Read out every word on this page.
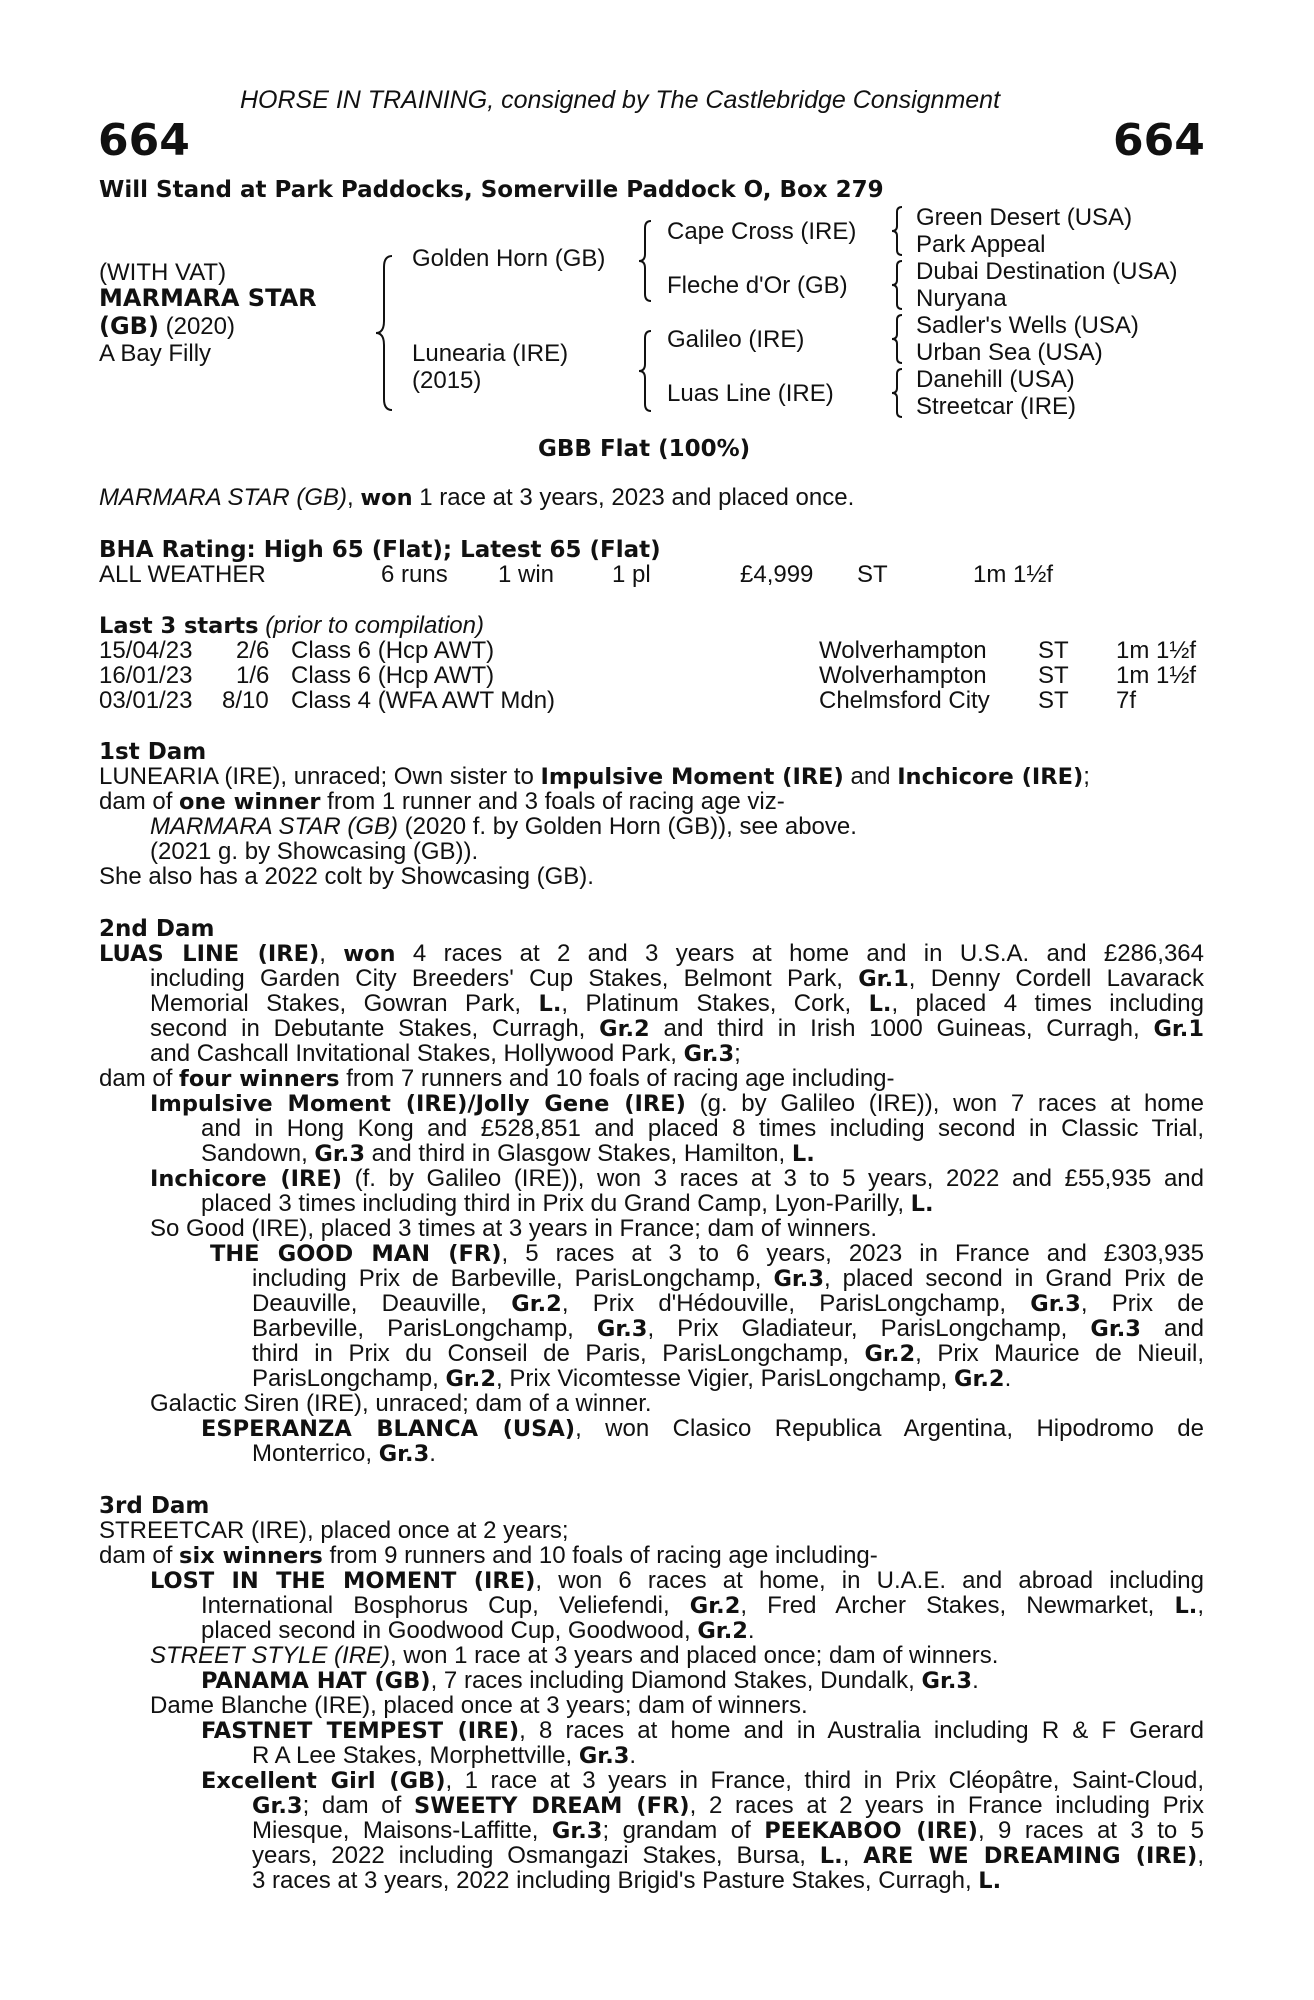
HORSE IN TRAINING, consigned by The Castlebridge Consignment
664	664
Will Stand at Park Paddocks, Somerville Paddock O, Box 279
(WITH VAT)
MARMARA STAR
(GB) (2020)
A Bay Filly
Golden Horn (GB)
Lunearia (IRE)
(2015)
Cape Cross (IRE)
Fleche d'Or (GB)
Galileo (IRE)
Luas Line (IRE)
Green Desert (USA)
Park Appeal
Dubai Destination (USA)
Nuryana
Sadler's Wells (USA)
Urban Sea (USA)
Danehill (USA)
Streetcar (IRE)
GBB Flat (100%)
MARMARA STAR (GB), won 1 race at 3 years, 2023 and placed once.
BHA Rating: High 65 (Flat); Latest 65 (Flat)
ALL WEATHER	6 runs 1 win 1 pl	£4,999 ST	1m 1½f
Last 3 starts (prior to compilation)
15/04/23 2/6 Class 6 (Hcp AWT)	Wolverhampton ST 1m 1½f
16/01/23 1/6 Class 6 (Hcp AWT)	Wolverhampton ST 1m 1½f
03/01/23 8/10 Class 4 (WFA AWT Mdn)	Chelmsford City ST 7f
1st Dam
LUNEARIA (IRE), unraced; Own sister to Impulsive Moment (IRE) and Inchicore (IRE);
dam of one winner from 1 runner and 3 foals of racing age viz-
MARMARA STAR (GB) (2020 f. by Golden Horn (GB)), see above.
(2021 g. by Showcasing (GB)).
She also has a 2022 colt by Showcasing (GB).
2nd Dam
LUAS LINE (IRE), won 4 races at 2 and 3 years at home and in U.S.A. and £286,364
including Garden City Breeders' Cup Stakes, Belmont Park, Gr.1, Denny Cordell Lavarack
Memorial Stakes, Gowran Park, L., Platinum Stakes, Cork, L., placed 4 times including
second in Debutante Stakes, Curragh, Gr.2 and third in Irish 1000 Guineas, Curragh, Gr.1
and Cashcall Invitational Stakes, Hollywood Park, Gr.3;
dam of four winners from 7 runners and 10 foals of racing age including-
Impulsive Moment (IRE)/Jolly Gene (IRE) (g. by Galileo (IRE)), won 7 races at home
and in Hong Kong and £528,851 and placed 8 times including second in Classic Trial,
Sandown, Gr.3 and third in Glasgow Stakes, Hamilton, L.
Inchicore (IRE) (f. by Galileo (IRE)), won 3 races at 3 to 5 years, 2022 and £55,935 and
placed 3 times including third in Prix du Grand Camp, Lyon-Parilly, L.
So Good (IRE), placed 3 times at 3 years in France; dam of winners.
THE GOOD MAN (FR), 5 races at 3 to 6 years, 2023 in France and £303,935
including Prix de Barbeville, ParisLongchamp, Gr.3, placed second in Grand Prix de
Deauville, Deauville, Gr.2, Prix d'Hédouville, ParisLongchamp, Gr.3, Prix de
Barbeville, ParisLongchamp, Gr.3, Prix Gladiateur, ParisLongchamp, Gr.3 and
third in Prix du Conseil de Paris, ParisLongchamp, Gr.2, Prix Maurice de Nieuil,
ParisLongchamp, Gr.2, Prix Vicomtesse Vigier, ParisLongchamp, Gr.2.
Galactic Siren (IRE), unraced; dam of a winner.
ESPERANZA BLANCA (USA), won Clasico Republica Argentina, Hipodromo de
Monterrico, Gr.3.
3rd Dam
STREETCAR (IRE), placed once at 2 years;
dam of six winners from 9 runners and 10 foals of racing age including-
LOST IN THE MOMENT (IRE), won 6 races at home, in U.A.E. and abroad including
International Bosphorus Cup, Veliefendi, Gr.2, Fred Archer Stakes, Newmarket, L.,
placed second in Goodwood Cup, Goodwood, Gr.2.
STREET STYLE (IRE), won 1 race at 3 years and placed once; dam of winners.
PANAMA HAT (GB), 7 races including Diamond Stakes, Dundalk, Gr.3.
Dame Blanche (IRE), placed once at 3 years; dam of winners.
FASTNET TEMPEST (IRE), 8 races at home and in Australia including R & F Gerard
R A Lee Stakes, Morphettville, Gr.3.
Excellent Girl (GB), 1 race at 3 years in France, third in Prix Cléopâtre, Saint-Cloud,
Gr.3; dam of SWEETY DREAM (FR), 2 races at 2 years in France including Prix
Miesque, Maisons-Laffitte, Gr.3; grandam of PEEKABOO (IRE), 9 races at 3 to 5
years, 2022 including Osmangazi Stakes, Bursa, L., ARE WE DREAMING (IRE),
3 races at 3 years, 2022 including Brigid's Pasture Stakes, Curragh, L.
